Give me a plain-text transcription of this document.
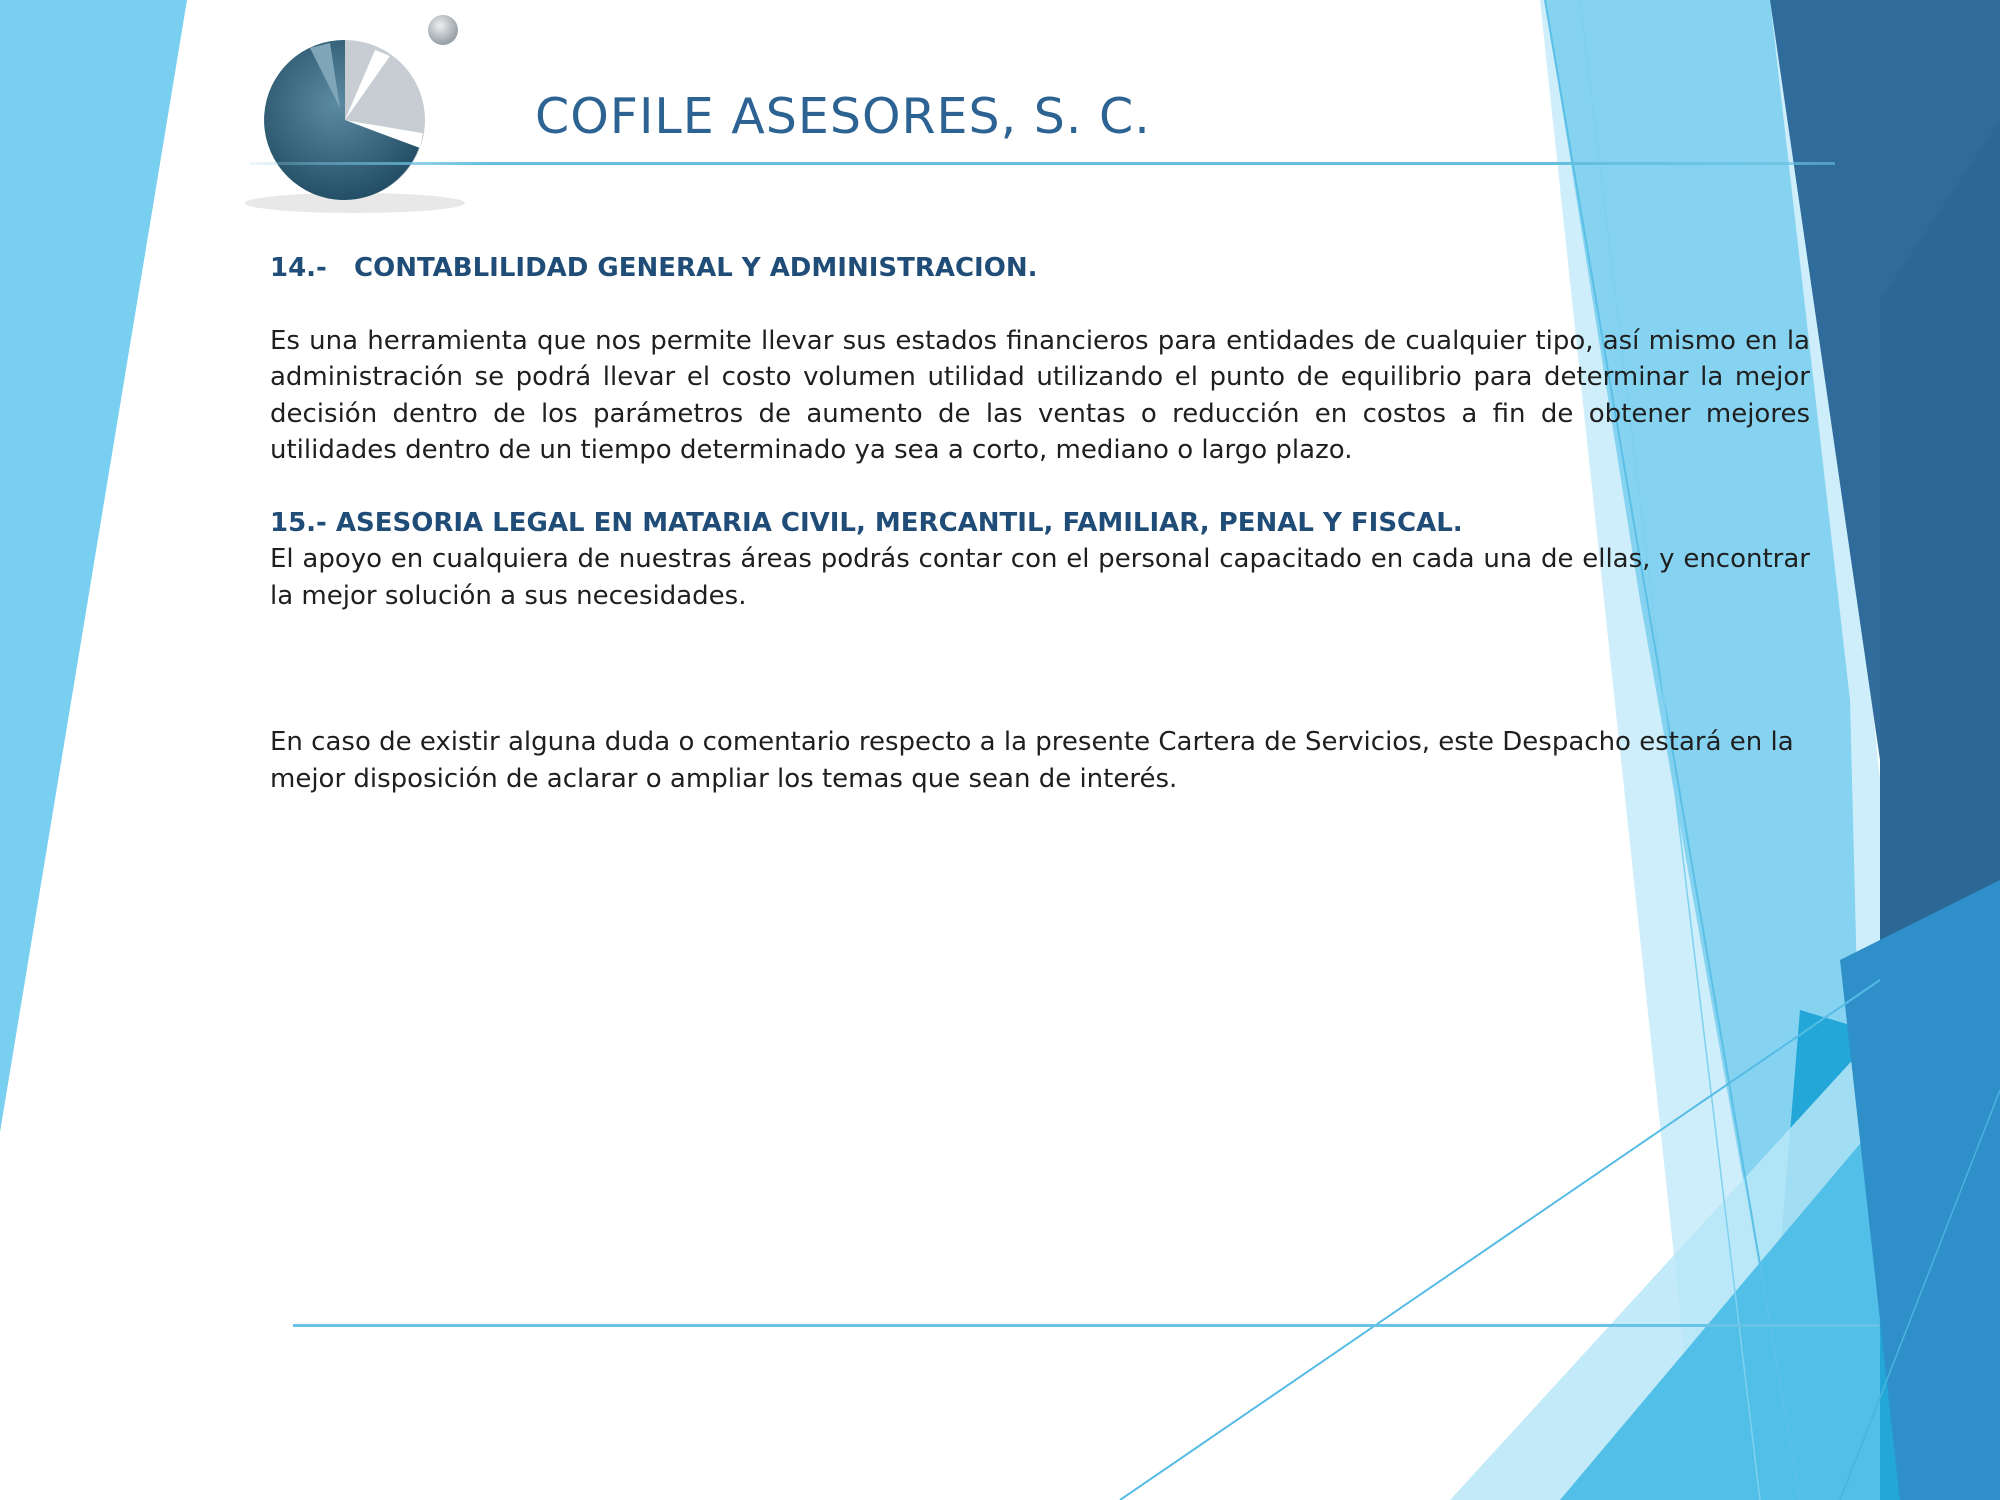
COFILE ASESORES, S. C.

14.-   CONTABLILIDAD GENERAL Y ADMINISTRACION.

Es una herramienta que nos permite llevar sus estados financieros para entidades de cualquier tipo, así mismo en la administración se podrá llevar el costo volumen utilidad utilizando el punto de equilibrio para determinar la mejor decisión dentro de los parámetros de aumento de las ventas o reducción en costos a fin de obtener mejores utilidades dentro de un tiempo determinado ya sea a corto, mediano o largo plazo.

15.- ASESORIA LEGAL EN MATARIA CIVIL, MERCANTIL, FAMILIAR, PENAL Y FISCAL.

El apoyo en cualquiera de nuestras áreas podrás contar con el personal capacitado en cada una de ellas, y encontrar la mejor solución a sus necesidades.

En caso de existir alguna duda o comentario respecto a la presente Cartera de Servicios, este Despacho estará en la mejor disposición de aclarar o ampliar los temas que sean de interés.
